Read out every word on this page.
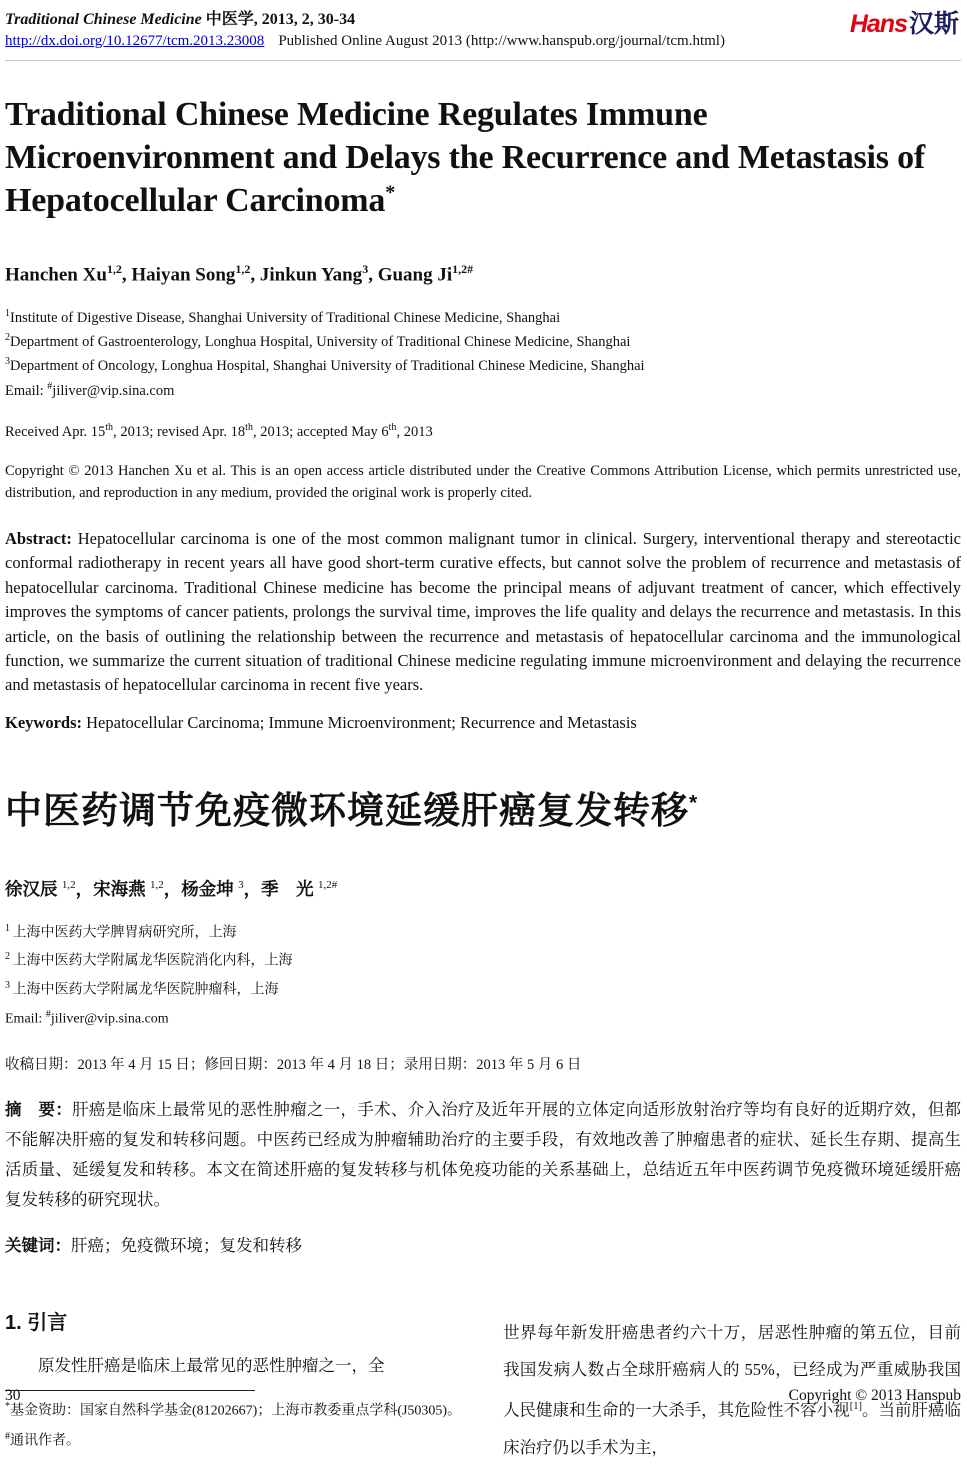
Traditional Chinese Medicine 中医学, 2013, 2, 30-34
http://dx.doi.org/10.12677/tcm.2013.23008 Published Online August 2013 (http://www.hanspub.org/journal/tcm.html)
Hans汉斯
Traditional Chinese Medicine Regulates Immune Microenvironment and Delays the Recurrence and Metastasis of Hepatocellular Carcinoma*
Hanchen Xu$^{1,2}$, Haiyan Song$^{1,2}$, Jinkun Yang$^3$, Guang $Ji^{1,2\#}$
$^1$Institute of Digestive Disease, Shanghai University of Traditional Chinese Medicine, Shanghai
$^2$Department of Gastroenterology, Longhua Hospital, University of Traditional Chinese Medicine, Shanghai
$^3$Department of Oncology, Longhua Hospital, Shanghai University of Traditional Chinese Medicine, Shanghai
Email: #jiliver@vip.sina.com
Received Apr. 15th, 2013; revised Apr. 18th, 2013; accepted May 6th, 2013
Copyright © 2013 Hanchen Xu et al. This is an open access article distributed under the Creative Commons Attribution License, which permits unrestricted use, distribution, and reproduction in any medium, provided the original work is properly cited.
Abstract: Hepatocellular carcinoma is one of the most common malignant tumor in clinical. Surgery, interventional therapy and stereotactic conformal radiotherapy in recent years all have good short-term curative effects, but cannot solve the problem of recurrence and metastasis of hepatocellular carcinoma. Traditional Chinese medicine has become the principal means of adjuvant treatment of cancer, which effectively improves the symptoms of cancer patients, prolongs the survival time, improves the life quality and delays the recurrence and metastasis. In this article, on the basis of outlining the relationship between the recurrence and metastasis of hepatocellular carcinoma and the immunological function, we summarize the current situation of traditional Chinese medicine regulating immune microenvironment and delaying the recurrence and metastasis of hepatocellular carcinoma in recent five years.
Keywords: Hepatocellular Carcinoma; Immune Microenvironment; Recurrence and Metastasis
中医药调节免疫微环境延缓肝癌复发转移*
徐汉辰 $^{1,2}$，宋海燕 $^{1,2}$，杨金坤 $^3$，季　光 $^{1,2\#}$
$^1$ 上海中医药大学脾胃病研究所，上海
$^2$ 上海中医药大学附属龙华医院消化内科，上海
$^3$ 上海中医药大学附属龙华医院肿瘤科，上海
Email: #jiliver@vip.sina.com
收稿日期：2013 年 4 月 15 日；修回日期：2013 年 4 月 18 日；录用日期：2013 年 5 月 6 日
摘　要：肝癌是临床上最常见的恶性肿瘤之一，手术、介入治疗及近年开展的立体定向适形放射治疗等均有良好的近期疗效，但都不能解决肝癌的复发和转移问题。中医药已经成为肿瘤辅助治疗的主要手段，有效地改善了肿瘤患者的症状、延长生存期、提高生活质量、延缓复发和转移。本文在简述肝癌的复发转移与机体免疫功能的关系基础上，总结近五年中医药调节免疫微环境延缓肝癌复发转移的研究现状。
关键词：肝癌；免疫微环境；复发和转移
1. 引言
原发性肝癌是临床上最常见的恶性肿瘤之一，全
*基金资助：国家自然科学基金(81202667)；上海市教委重点学科(J50305)。
#通讯作者。
世界每年新发肝癌患者约六十万，居恶性肿瘤的第五位，目前我国发病人数占全球肝癌病人的 55%，已经成为严重威胁我国人民健康和生命的一大杀手，其危险性不容小视[1]。当前肝癌临床治疗仍以手术为主，
30	Copyright © 2013 Hanspub
